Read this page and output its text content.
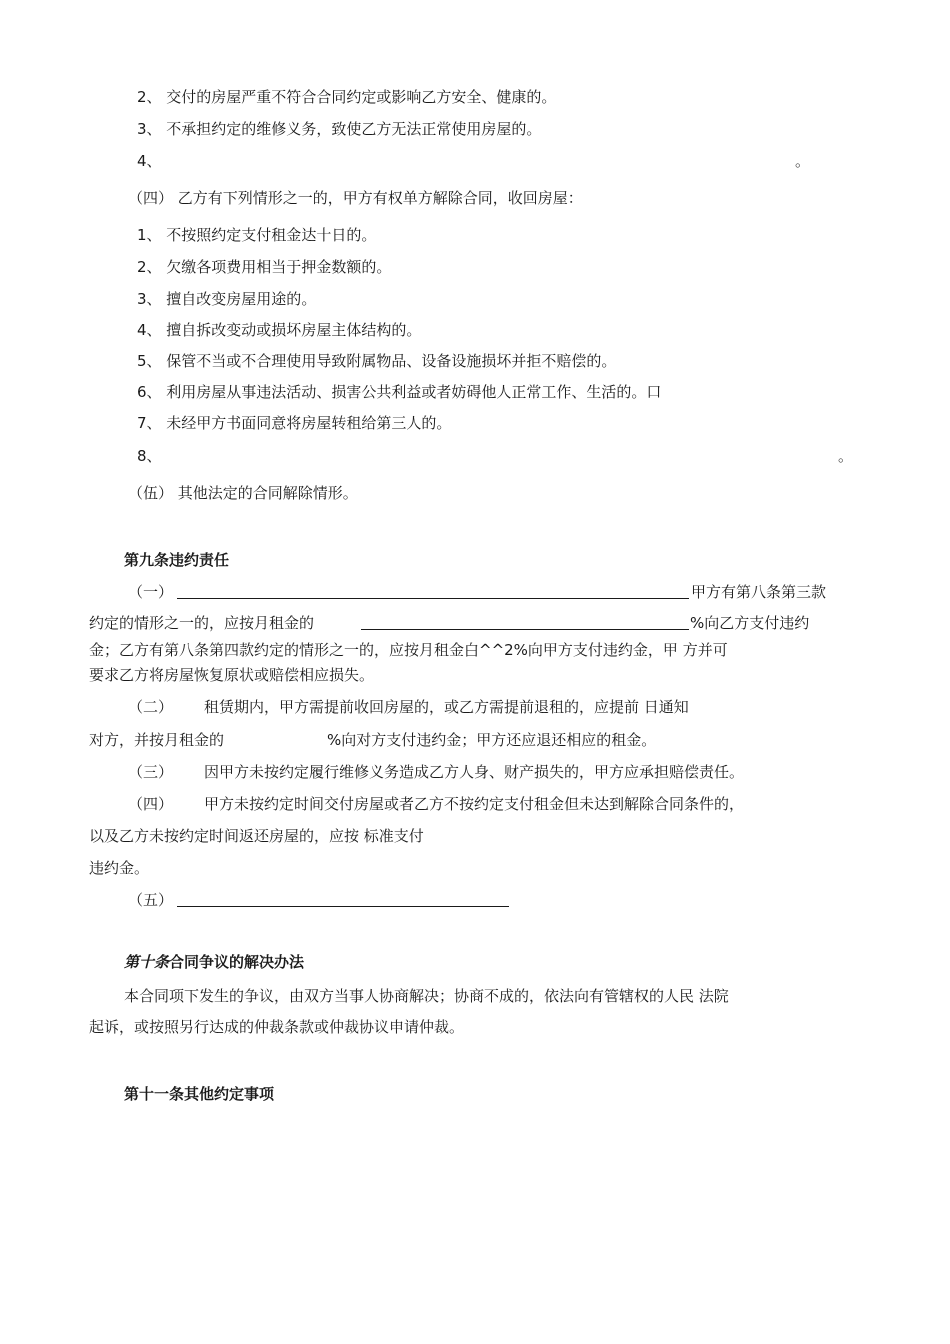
2、 交付的房屋严重不符合合同约定或影响乙方安全、健康的。
3、 不承担约定的维修义务，致使乙方无法正常使用房屋的。
4、	。
（四） 乙方有下列情形之一的，甲方有权单方解除合同，收回房屋：
1、 不按照约定支付租金达十日的。
2、 欠缴各项费用相当于押金数额的。
3、 擅自改变房屋用途的。
4、 擅自拆改变动或损坏房屋主体结构的。
5、 保管不当或不合理使用导致附属物品、设备设施损坏并拒不赔偿的。
6、 利用房屋从事违法活动、损害公共利益或者妨碍他人正常工作、生活的。口
7、 未经甲方书面同意将房屋转租给第三人的。
8、	。
（伍） 其他法定的合同解除情形。
第九条违约责任
（一）	甲方有第八条第三款
约定的情形之一的，应按月租金的	%向乙方支付违约
金；乙方有第八条第四款约定的情形之一的，应按月租金白^^2%向甲方支付违约金，甲 方并可
要求乙方将房屋恢复原状或赔偿相应损失。
（二） 租赁期内，甲方需提前收回房屋的，或乙方需提前退租的，应提前 日通知
对方，并按月租金的	%向对方支付违约金；甲方还应退还相应的租金。
（三） 因甲方未按约定履行维修义务造成乙方人身、财产损失的，甲方应承担赔偿责任。
（四） 甲方未按约定时间交付房屋或者乙方不按约定支付租金但未达到解除合同条件的，
以及乙方未按约定时间返还房屋的，应按 标准支付
违约金。
（五）
第十条合同争议的解决办法
本合同项下发生的争议，由双方当事人协商解决；协商不成的，依法向有管辖权的人民 法院
起诉，或按照另行达成的仲裁条款或仲裁协议申请仲裁。
第十一条其他约定事项
